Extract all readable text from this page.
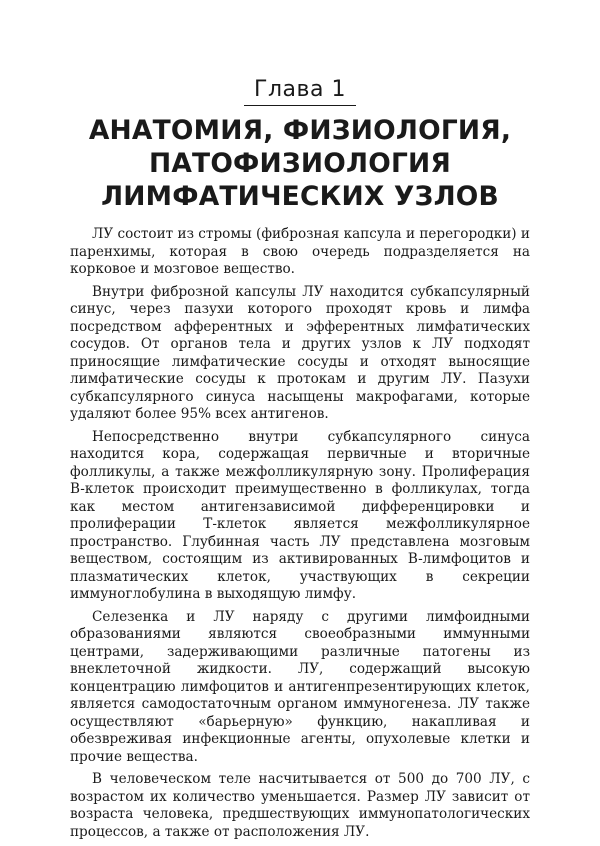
Глава 1
АНАТОМИЯ, ФИЗИОЛОГИЯ,
ПАТОФИЗИОЛОГИЯ
ЛИМФАТИЧЕСКИХ УЗЛОВ

ЛУ состоит из стромы (фиброзная капсула и перегородки) и паренхимы, которая в свою очередь подразделяется на корковое и мозговое вещество.

Внутри фиброзной капсулы ЛУ находится субкапсулярный синус, через пазухи которого проходят кровь и лимфа посредством афферентных и эфферентных лимфатических сосудов. От органов тела и других узлов к ЛУ подходят приносящие лимфатические сосуды и отходят выносящие лимфатические сосуды к протокам и другим ЛУ. Пазухи субкапсулярного синуса насыщены макрофагами, которые удаляют более 95% всех антигенов.

Непосредственно внутри субкапсулярного синуса находится кора, содержащая первичные и вторичные фолликулы, а также межфолликулярную зону. Пролиферация B-клеток происходит преимущественно в фолликулах, тогда как местом антигензависимой дифференцировки и пролиферации Т-клеток является межфолликулярное пространство. Глубинная часть ЛУ представлена мозговым веществом, состоящим из активированных B-лимфоцитов и плазматических клеток, участвующих в секреции иммуноглобулина в выходящую лимфу.

Селезенка и ЛУ наряду с другими лимфоидными образованиями являются своеобразными иммунными центрами, задерживающими различные патогены из внеклеточной жидкости. ЛУ, содержащий высокую концентрацию лимфоцитов и антигенпрезентирующих клеток, является самодостаточным органом иммуногенеза. ЛУ также осуществляют «барьерную» функцию, накапливая и обезвреживая инфекционные агенты, опухолевые клетки и прочие вещества.

В человеческом теле насчитывается от 500 до 700 ЛУ, с возрастом их количество уменьшается. Размер ЛУ зависит от возраста человека, предшествующих иммунопатологических процессов, а также от расположения ЛУ.
